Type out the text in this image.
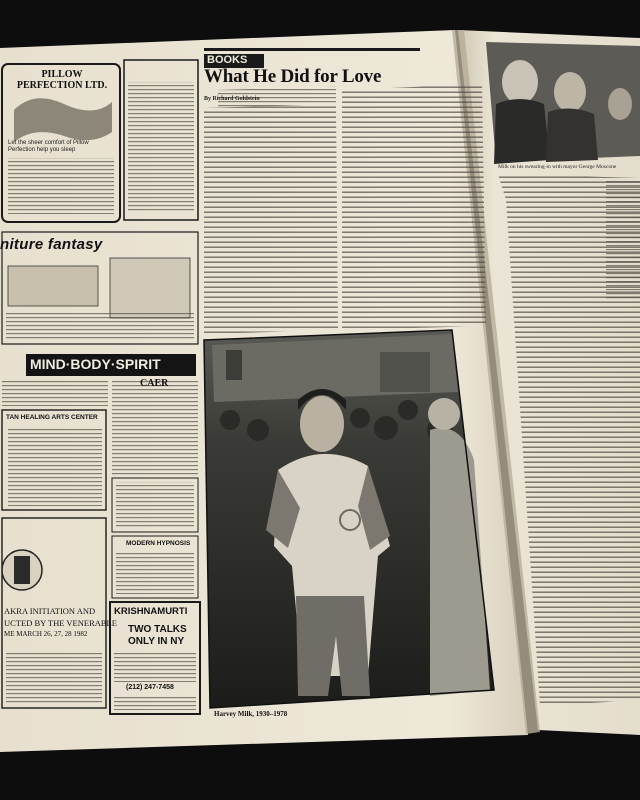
PILLOW PERFECTION LTD.
Let the sheer comfort of Pillow Perfection help you sleep
niture fantasy
MIND·BODY·SPIRIT
CAER
TAN HEALING ARTS CENTER
MODERN HYPNOSIS
AKRA INITIATION AND
UCTED BY THE VENERABLE
ME MARCH 26, 27, 28 1982
KRISHNAMURTI
TWO TALKS
ONLY IN NY
(212) 247-7458
BOOKS
What He Did for Love
By Richard Goldstein
Harvey Milk, 1930–1978
Milk on his swearing-in with mayor George Moscone
